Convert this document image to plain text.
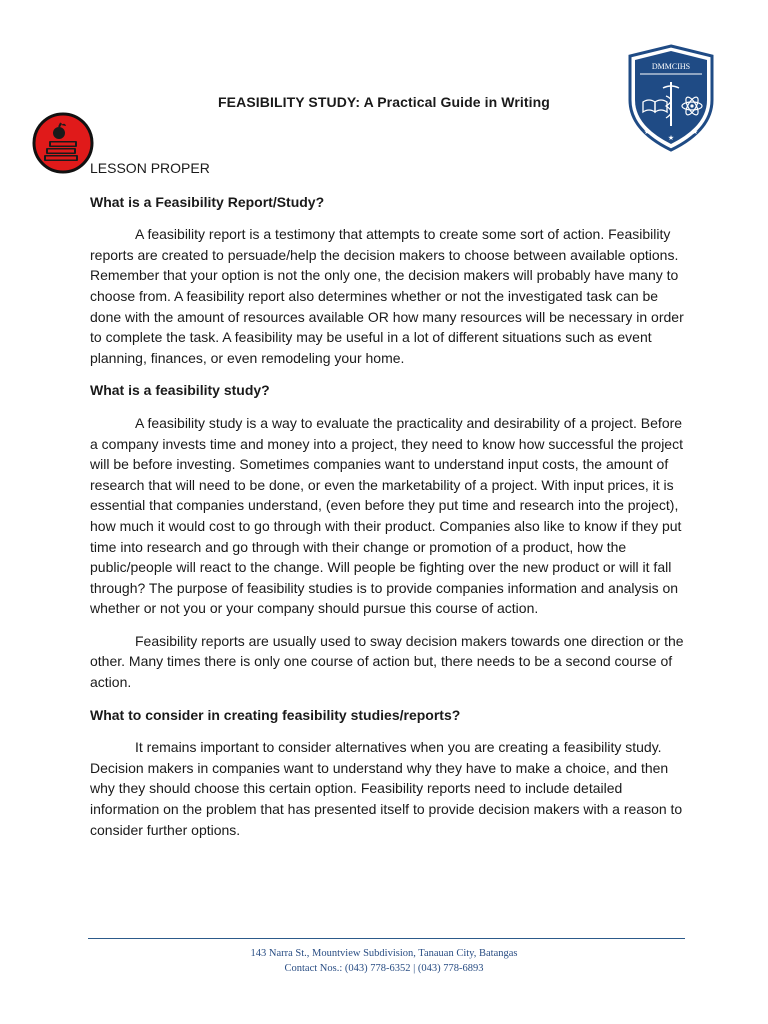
FEASIBILITY STUDY: A Practical Guide in Writing
DMMCIHS
★	★
★
LESSON PROPER
What is a Feasibility Report/Study?

A feasibility report is a testimony that attempts to create some sort of action. Feasibility reports are created to persuade/help the decision makers to choose between available options. Remember that your option is not the only one, the decision makers will probably have many to choose from. A feasibility report also determines whether or not the investigated task can be done with the amount of resources available OR how many resources will be necessary in order to complete the task. A feasibility may be useful in a lot of different situations such as event planning, finances, or even remodeling your home.

What is a feasibility study?

A feasibility study is a way to evaluate the practicality and desirability of a project. Before a company invests time and money into a project, they need to know how successful the project will be before investing. Sometimes companies want to understand input costs, the amount of research that will need to be done, or even the marketability of a project. With input prices, it is essential that companies understand, (even before they put time and research into the project), how much it would cost to go through with their product. Companies also like to know if they put time into research and go through with their change or promotion of a product, how the public/people will react to the change. Will people be fighting over the new product or will it fall through? The purpose of feasibility studies is to provide companies information and analysis on whether or not you or your company should pursue this course of action.

Feasibility reports are usually used to sway decision makers towards one direction or the other. Many times there is only one course of action but, there needs to be a second course of action.

What to consider in creating feasibility studies/reports?

It remains important to consider alternatives when you are creating a feasibility study. Decision makers in companies want to understand why they have to make a choice, and then why they should choose this certain option. Feasibility reports need to include detailed information on the problem that has presented itself to provide decision makers with a reason to consider further options.

143 Narra St., Mountview Subdivision, Tanauan City, Batangas
Contact Nos.: (043) 778-6352 | (043) 778-6893
